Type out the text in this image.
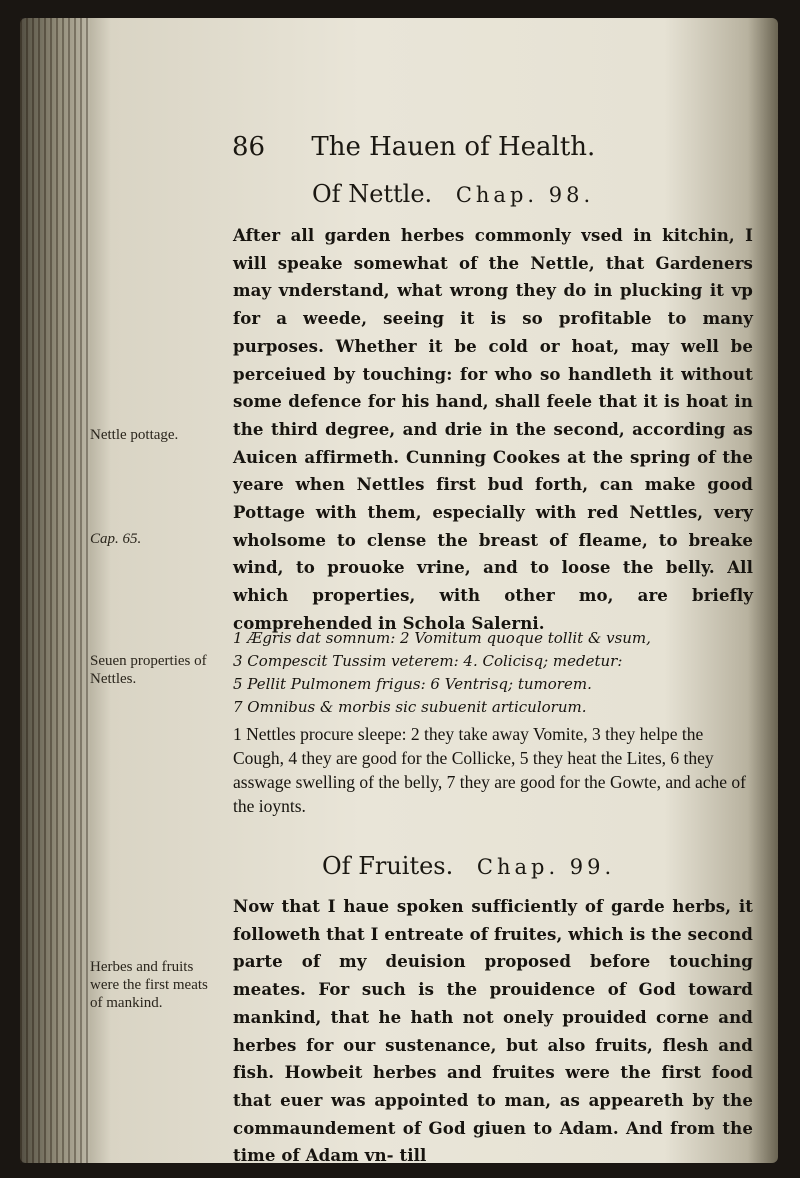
86 The Hauen of Health.
Of Nettle. Chap. 98.
After all garden herbes commonly vsed in kitchin, I will speake somewhat of the Nettle, that Gardeners may vnderstand, what wrong they do in plucking it vp for a weede, seeing it is so profitable to many purposes. Whether it be cold or hoat, may well be perceiued by touching: for who so handleth it without some defence for his hand, shall feele that it is hoat in the third degree, and drie in the second, according as Auicen affirmeth. Cunning Cookes at the spring of the yeare when Nettles first bud forth, can make good Pottage with them, especially with red Nettles, very wholsome to clense the breast of fleame, to breake wind, to prouoke vrine, and to loose the belly. All which properties, with other mo, are briefly comprehended in Schola Salerni.
1 Ægris dat somnum: 2 Vomitum quoque tollit & vsum,
3 Compescit Tussim veterem: 4. Colicisq; medetur:
5 Pellit Pulmonem frigus: 6 Ventrisq; tumorem.
7 Omnibus & morbis sic subuenit articulorum.
1 Nettles procure sleepe: 2 they take away Vomite, 3 they helpe the Cough, 4 they are good for the Collicke, 5 they heat the Lites, 6 they asswage swelling of the belly, 7 they are good for the Gowte, and ache of the ioynts.
Of Fruites. Chap. 99.
Now that I haue spoken sufficiently of garde herbs, it followeth that I entreate of fruites, which is the second parte of my deuision proposed before touching meates. For such is the prouidence of God toward mankind, that he hath not onely prouided corne and herbes for our sustenance, but also fruits, flesh and fish. Howbeit herbes and fruites were the first food that euer was appointed to man, as appeareth by the commaundement of God giuen to Adam. And from the time of Adam vn- till
Nettle pottage.
Cap. 65.
Seuen properties of Nettles.
Herbes and fruits were the first meats of mankind.
